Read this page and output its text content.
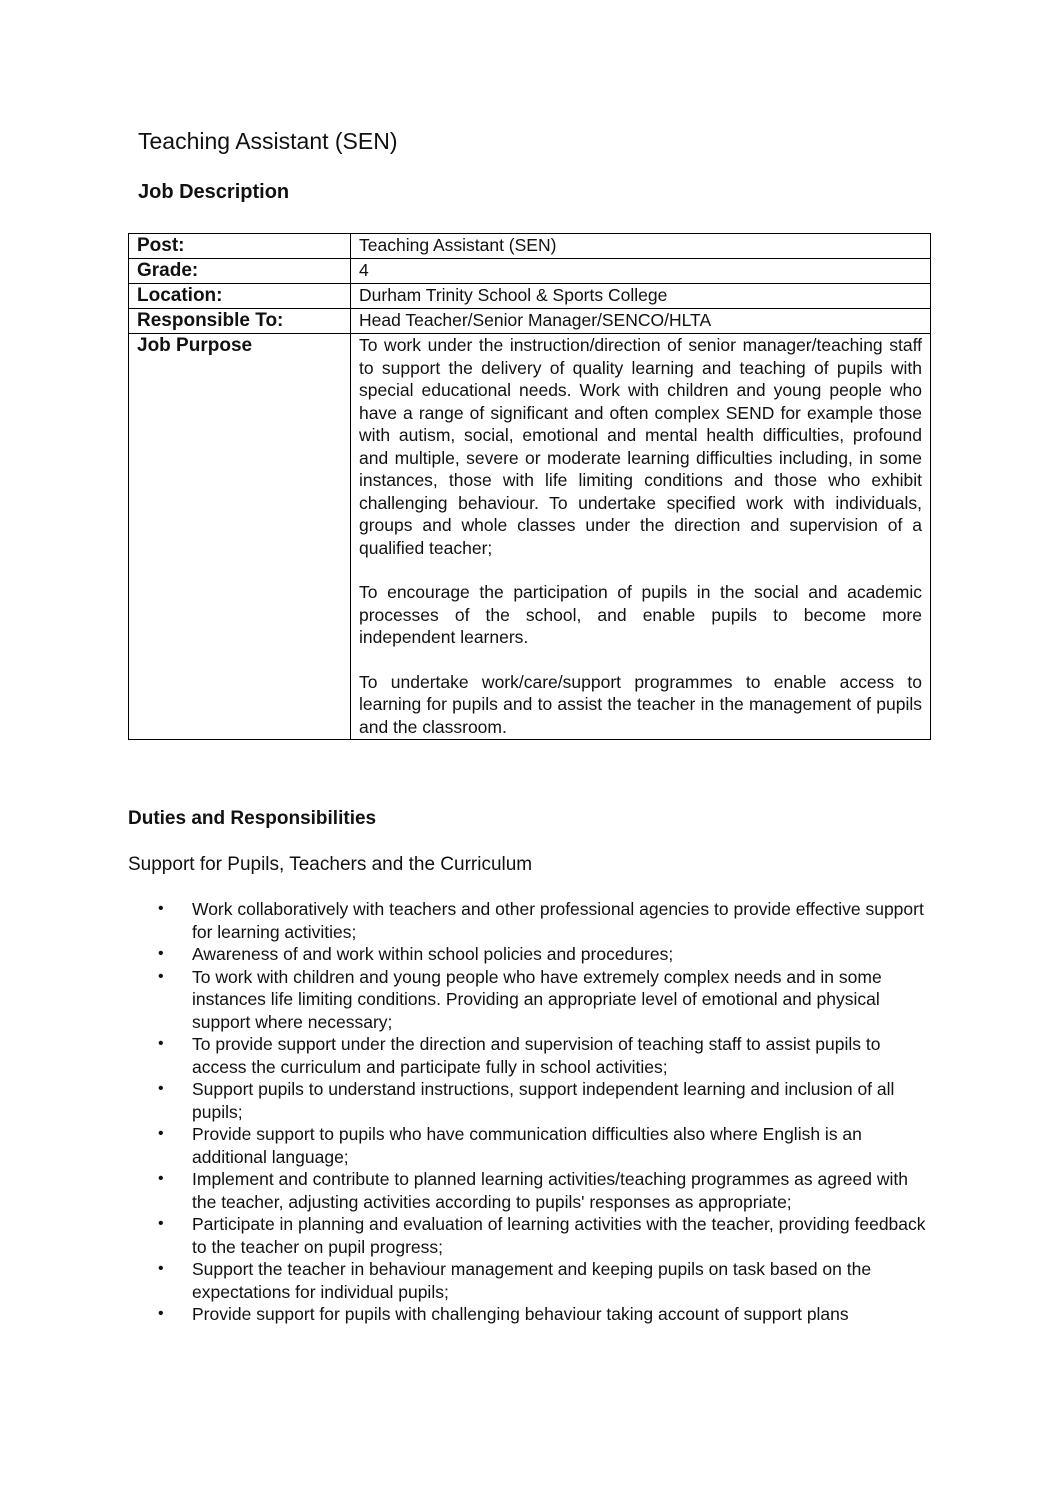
Teaching Assistant (SEN)
Job Description
Post:	Teaching Assistant (SEN)
Grade:	4
Location:	Durham Trinity School & Sports College
Responsible To:	Head Teacher/Senior Manager/SENCO/HLTA
Job Purpose	To work under the instruction/direction of senior manager/teaching staff to support the delivery of quality learning and teaching of pupils with special educational needs. Work with children and young people who have a range of significant and often complex SEND for example those with autism, social, emotional and mental health difficulties, profound and multiple, severe or moderate learning difficulties including, in some instances, those with life limiting conditions and those who exhibit challenging behaviour. To undertake specified work with individuals, groups and whole classes under the direction and supervision of a qualified teacher;

To encourage the participation of pupils in the social and academic processes of the school, and enable pupils to become more independent learners.

To undertake work/care/support programmes to enable access to learning for pupils and to assist the teacher in the management of pupils and the classroom.

Duties and Responsibilities

Support for Pupils, Teachers and the Curriculum

• Work collaboratively with teachers and other professional agencies to provide effective support for learning activities;
• Awareness of and work within school policies and procedures;
• To work with children and young people who have extremely complex needs and in some instances life limiting conditions. Providing an appropriate level of emotional and physical support where necessary;
• To provide support under the direction and supervision of teaching staff to assist pupils to access the curriculum and participate fully in school activities;
• Support pupils to understand instructions, support independent learning and inclusion of all pupils;
• Provide support to pupils who have communication difficulties also where English is an additional language;
• Implement and contribute to planned learning activities/teaching programmes as agreed with the teacher, adjusting activities according to pupils' responses as appropriate;
• Participate in planning and evaluation of learning activities with the teacher, providing feedback to the teacher on pupil progress;
• Support the teacher in behaviour management and keeping pupils on task based on the expectations for individual pupils;
• Provide support for pupils with challenging behaviour taking account of support plans
